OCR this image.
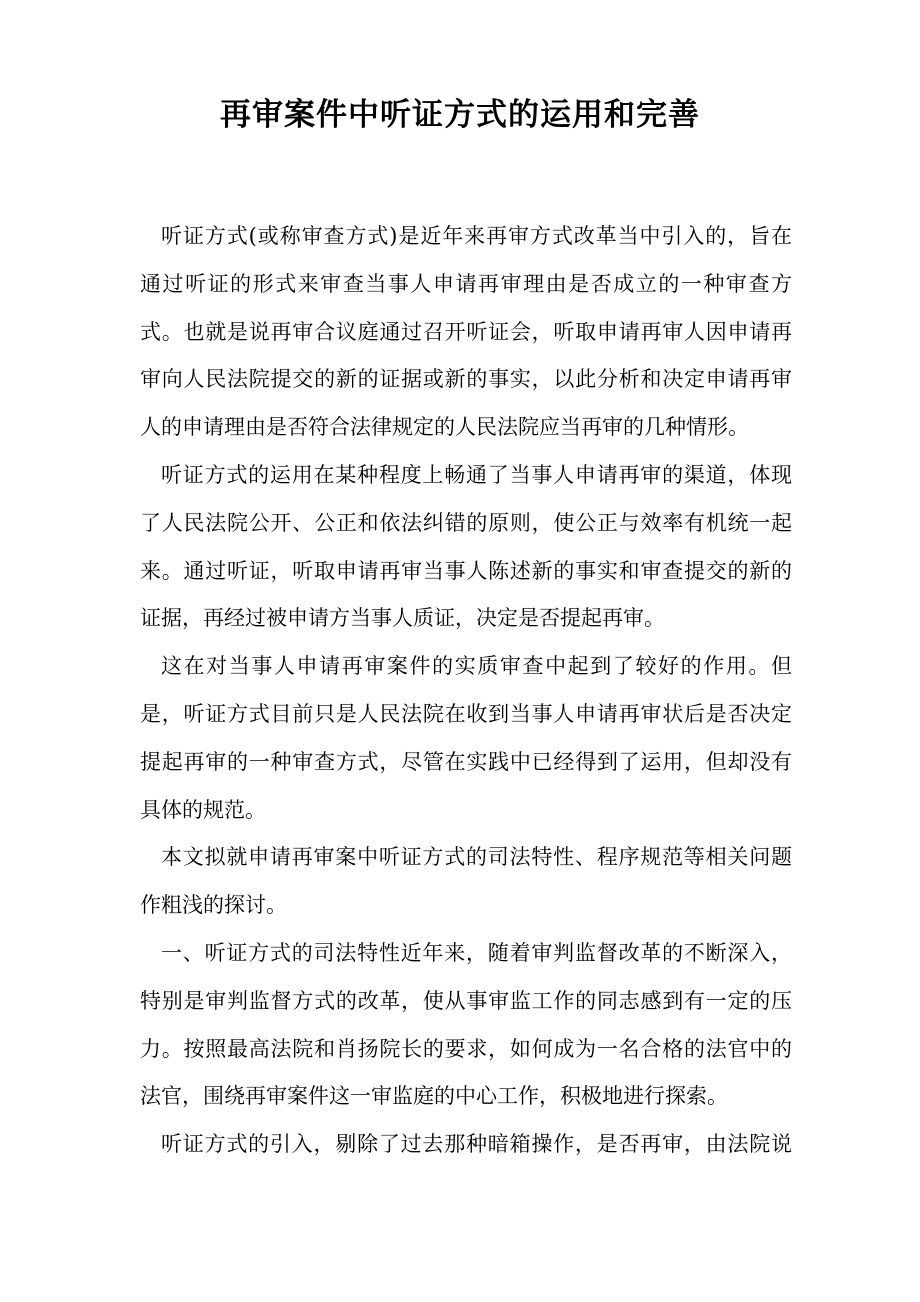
再审案件中听证方式的运用和完善
听证方式(或称审查方式)是近年来再审方式改革当中引入的，旨在
通过听证的形式来审查当事人申请再审理由是否成立的一种审查方
式。也就是说再审合议庭通过召开听证会，听取申请再审人因申请再
审向人民法院提交的新的证据或新的事实，以此分析和决定申请再审
人的申请理由是否符合法律规定的人民法院应当再审的几种情形。
听证方式的运用在某种程度上畅通了当事人申请再审的渠道，体现
了人民法院公开、公正和依法纠错的原则，使公正与效率有机统一起
来。通过听证，听取申请再审当事人陈述新的事实和审查提交的新的
证据，再经过被申请方当事人质证，决定是否提起再审。
这在对当事人申请再审案件的实质审查中起到了较好的作用。但
是，听证方式目前只是人民法院在收到当事人申请再审状后是否决定
提起再审的一种审查方式，尽管在实践中已经得到了运用，但却没有
具体的规范。
本文拟就申请再审案中听证方式的司法特性、程序规范等相关问题
作粗浅的探讨。
一、听证方式的司法特性近年来，随着审判监督改革的不断深入，
特别是审判监督方式的改革，使从事审监工作的同志感到有一定的压
力。按照最高法院和肖扬院长的要求，如何成为一名合格的法官中的
法官，围绕再审案件这一审监庭的中心工作，积极地进行探索。
听证方式的引入，剔除了过去那种暗箱操作，是否再审，由法院说
